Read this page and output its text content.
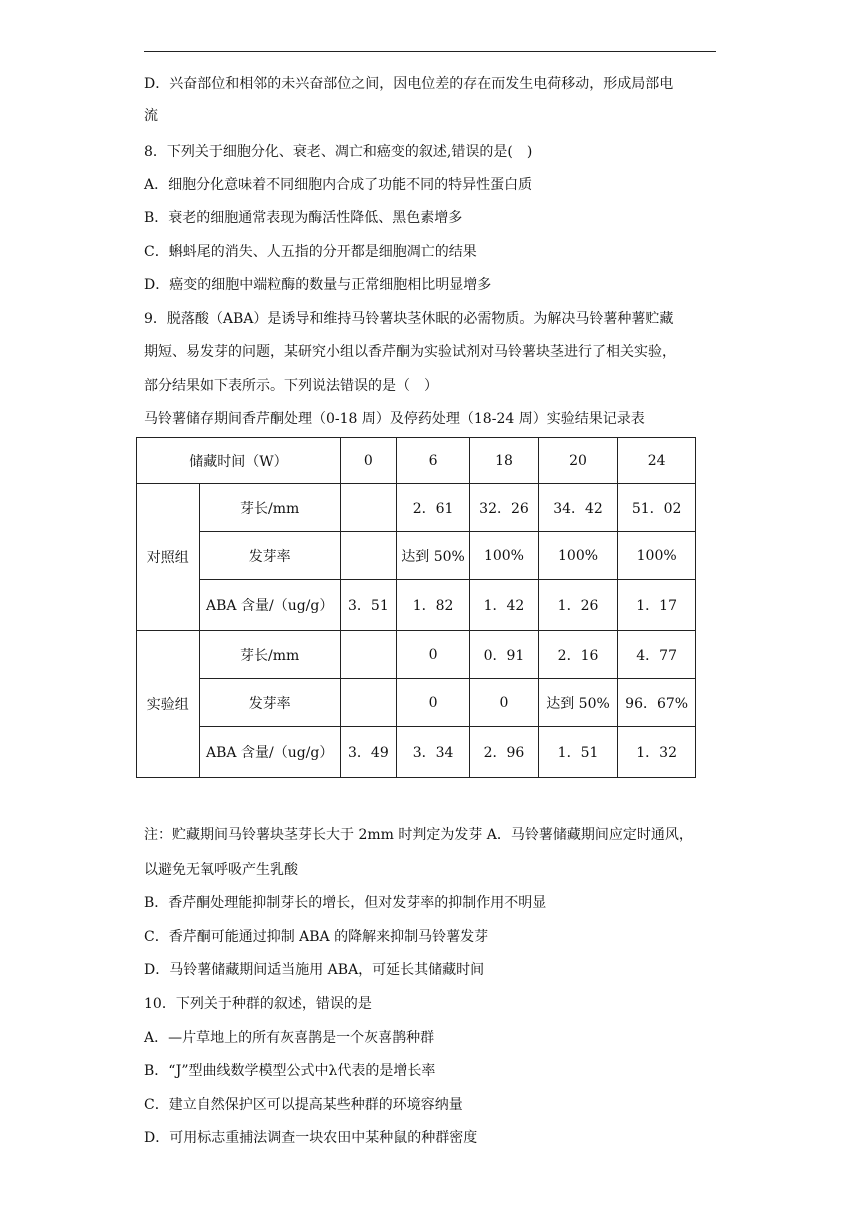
D．兴奋部位和相邻的未兴奋部位之间，因电位差的存在而发生电荷移动，形成局部电
流
8．下列关于细胞分化、衰老、凋亡和癌变的叙述,错误的是(　)
A．细胞分化意味着不同细胞内合成了功能不同的特异性蛋白质
B．衰老的细胞通常表现为酶活性降低、黑色素增多
C．蝌蚪尾的消失、人五指的分开都是细胞凋亡的结果
D．癌变的细胞中端粒酶的数量与正常细胞相比明显增多
9．脱落酸（ABA）是诱导和维持马铃薯块茎休眠的必需物质。为解决马铃薯种薯贮藏
期短、易发芽的问题，某研究小组以香芹酮为实验试剂对马铃薯块茎进行了相关实验，
部分结果如下表所示。下列说法错误的是（　）
马铃薯储存期间香芹酮处理（0-18 周）及停药处理（18-24 周）实验结果记录表
储藏时间（W）		0	6	18	20	24
对照组	芽长/mm		2．61	32．26	34．42	51．02
	发芽率		达到 50%	100%	100%	100%
	ABA 含量/（ug/g）	3．51	1．82	1．42	1．26	1．17
实验组	芽长/mm		0	0．91	2．16	4．77
	发芽率		0	0	达到 50%	96．67%
	ABA 含量/（ug/g）	3．49	3．34	2．96	1．51	1．32
注：贮藏期间马铃薯块茎芽长大于 2mm 时判定为发芽 A．马铃薯储藏期间应定时通风，
以避免无氧呼吸产生乳酸
B．香芹酮处理能抑制芽长的增长，但对发芽率的抑制作用不明显
C．香芹酮可能通过抑制 ABA 的降解来抑制马铃薯发芽
D．马铃薯储藏期间适当施用 ABA，可延长其储藏时间
10．下列关于种群的叙述，错误的是
A．—片草地上的所有灰喜鹊是一个灰喜鹊种群
B．“J”型曲线数学模型公式中λ代表的是增长率
C．建立自然保护区可以提高某些种群的环境容纳量
D．可用标志重捕法调查一块农田中某种鼠的种群密度
